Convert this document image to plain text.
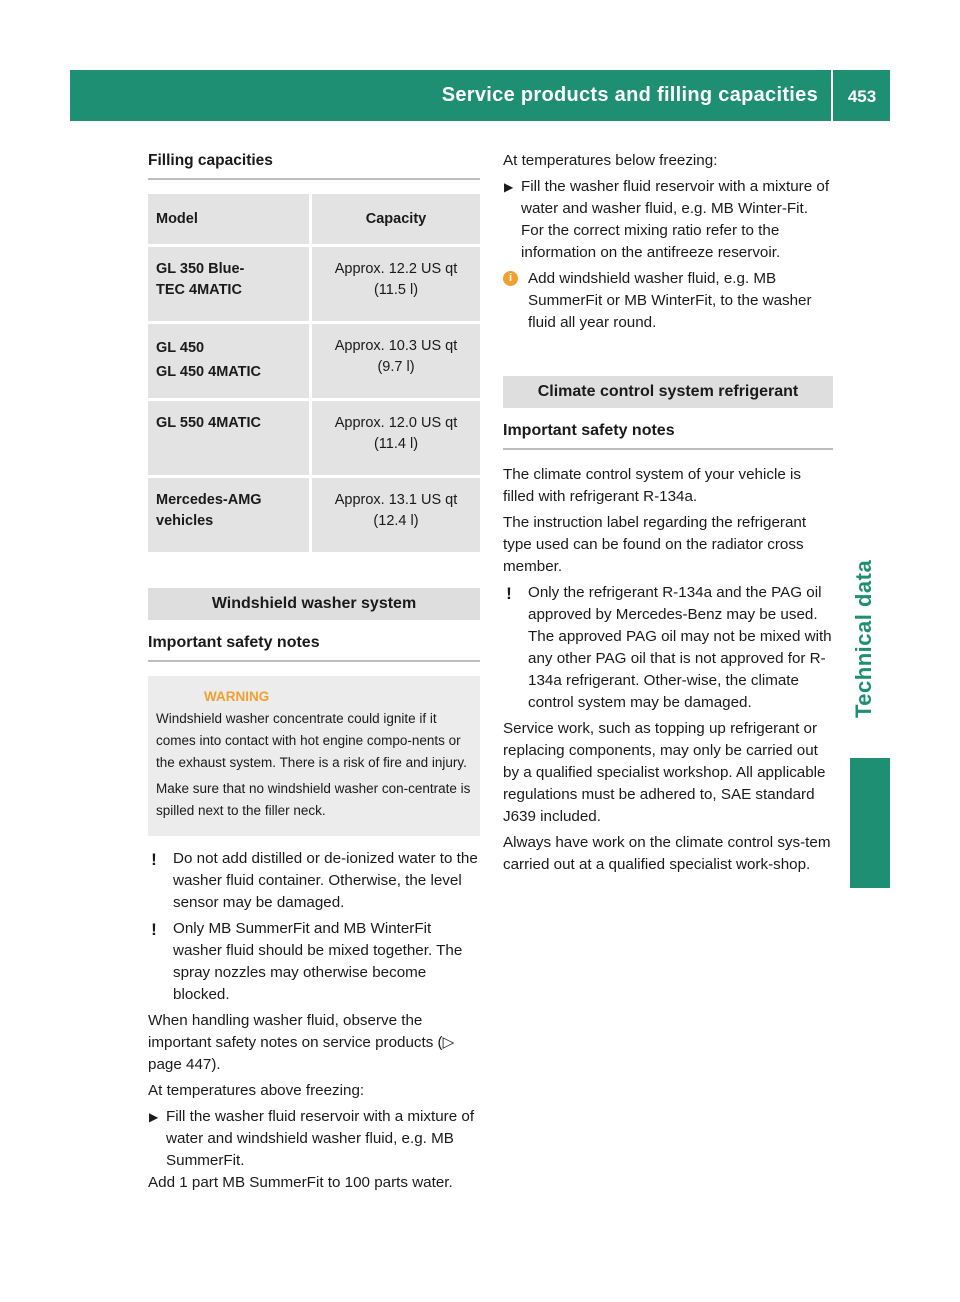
Service products and filling capacities	453
Technical data
Filling capacities
Model	Capacity
GL 350 Blue-
TEC 4MATIC	Approx. 12.2 US qt
(11.5 l)
GL 450
GL 450 4MATIC	Approx. 10.3 US qt
(9.7 l)
GL 550 4MATIC	Approx. 12.0 US qt
(11.4 l)
Mercedes-AMG
vehicles	Approx. 13.1 US qt
(12.4 l)
Windshield washer system
Important safety notes
WARNING

Windshield washer concentrate could ignite if it comes into contact with hot engine compo-nents or the exhaust system. There is a risk of fire and injury.

Make sure that no windshield washer con-centrate is spilled next to the filler neck.

! Do not add distilled or de-ionized water to the washer fluid container. Otherwise, the level sensor may be damaged.
! Only MB SummerFit and MB WinterFit washer fluid should be mixed together. The spray nozzles may otherwise become blocked.

When handling washer fluid, observe the important safety notes on service products (▷ page 447).

At temperatures above freezing:

▶ Fill the washer fluid reservoir with a mixture of water and windshield washer fluid, e.g. MB SummerFit.

Add 1 part MB SummerFit to 100 parts water.

At temperatures below freezing:

▶ Fill the washer fluid reservoir with a mixture of water and washer fluid, e.g. MB Winter-Fit.

For the correct mixing ratio refer to the information on the antifreeze reservoir.

i	Add windshield washer fluid, e.g. MB SummerFit or MB WinterFit, to the washer fluid all year round.
Climate control system refrigerant
Important safety notes

The climate control system of your vehicle is filled with refrigerant R-134a.

The instruction label regarding the refrigerant type used can be found on the radiator cross member.

! Only the refrigerant R-134a and the PAG oil approved by Mercedes-Benz may be used. The approved PAG oil may not be mixed with any other PAG oil that is not approved for R-134a refrigerant. Other-wise, the climate control system may be damaged.

Service work, such as topping up refrigerant or replacing components, may only be carried out by a qualified specialist workshop. All applicable regulations must be adhered to, SAE standard J639 included.

Always have work on the climate control sys-tem carried out at a qualified specialist work-shop.
